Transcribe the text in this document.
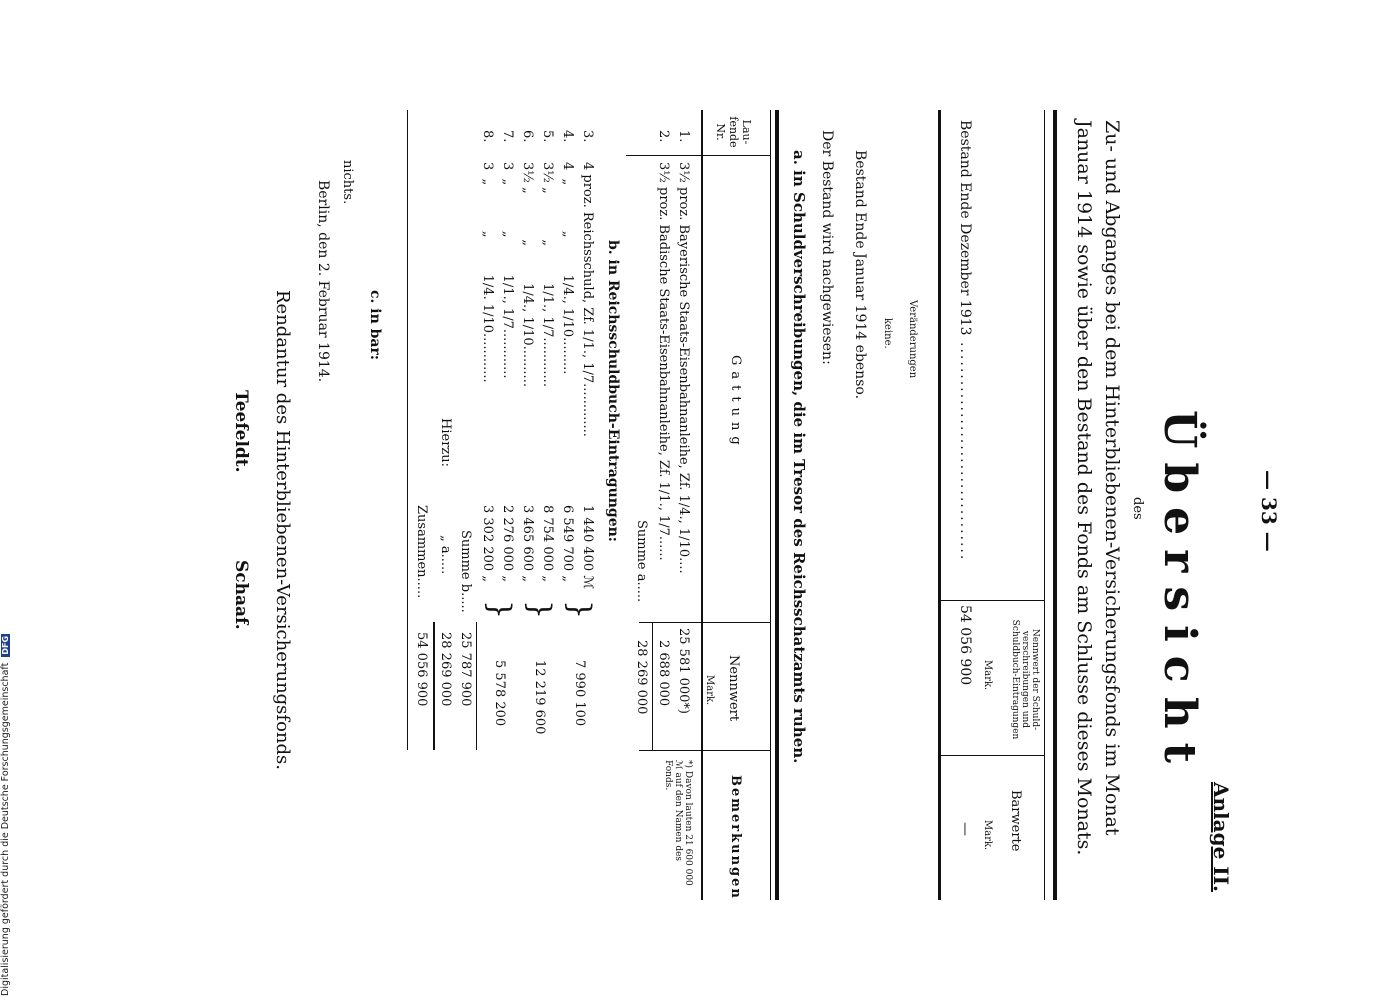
— 33 —
Anlage II.
Übersicht
des
Zu- und Abganges bei dem Hinterbliebenen-Versicherungsfonds im Monat
Januar 1914 sowie über den Bestand des Fonds am Schlusse dieses Monats.
Nennwert der Schuld-verschreibungen und Schuldbuch-Eintragungen
Mark.
Barwerte
Mark.
Bestand Ende Dezember 1913 ..................................
54 056 900
—
Veränderungen
keine.
Bestand Ende Januar 1914 ebenso.
Der Bestand wird nachgewiesen:
a. in Schuldverschreibungen, die im Tresor des Reichsschatzamts ruhen.
Lau-fende Nr.
Gattung
Nennwert
Mark.
Bemerkungen
1.
3½ proz. Bayerische Staats-Eisenbahnanleihe, Zf. 1/4., 1/10....
25 581 000*)
2.
3½ proz. Badische Staats-Eisenbahnanleihe, Zf. 1/1., 1/7......
2 688 000
Summe a.....
28 269 000
*) Davon lauten 21 600 000 ℳ auf den Namen des Fonds.
b. in Reichsschuldbuch-Eintragungen:
3.
4 proz. Reichsschuld, Zf. 1/1., 1/7.............
1 440 400 ℳ
4.
4  „           „         1/4., 1/10.........
6 549 700 „
5.
3½ „           „         1/1., 1/7............
8 754 000 „
6.
3½ „           „         1/4., 1/10..........
3 465 600 „
7.
3  „           „         1/1., 1/7............
2 276 000 „
8.
3  „           „         1/4. 1/10............
3 302 200 „
}
}
}
7 990 100
12 219 600
5 578 200
Summe b.....
25 787 900
Hierzu:
„ a.....
28 269 000
Zusammen.....
54 056 900
c. in bar:
nichts.
Berlin, den 2. Februar 1914.
Rendantur des Hinterbliebenen-Versicherungsfonds.
Teefeldt.
Schaaf.
Digitalisierung gefördert durch die Deutsche Forschungsgemeinschaft DFG
